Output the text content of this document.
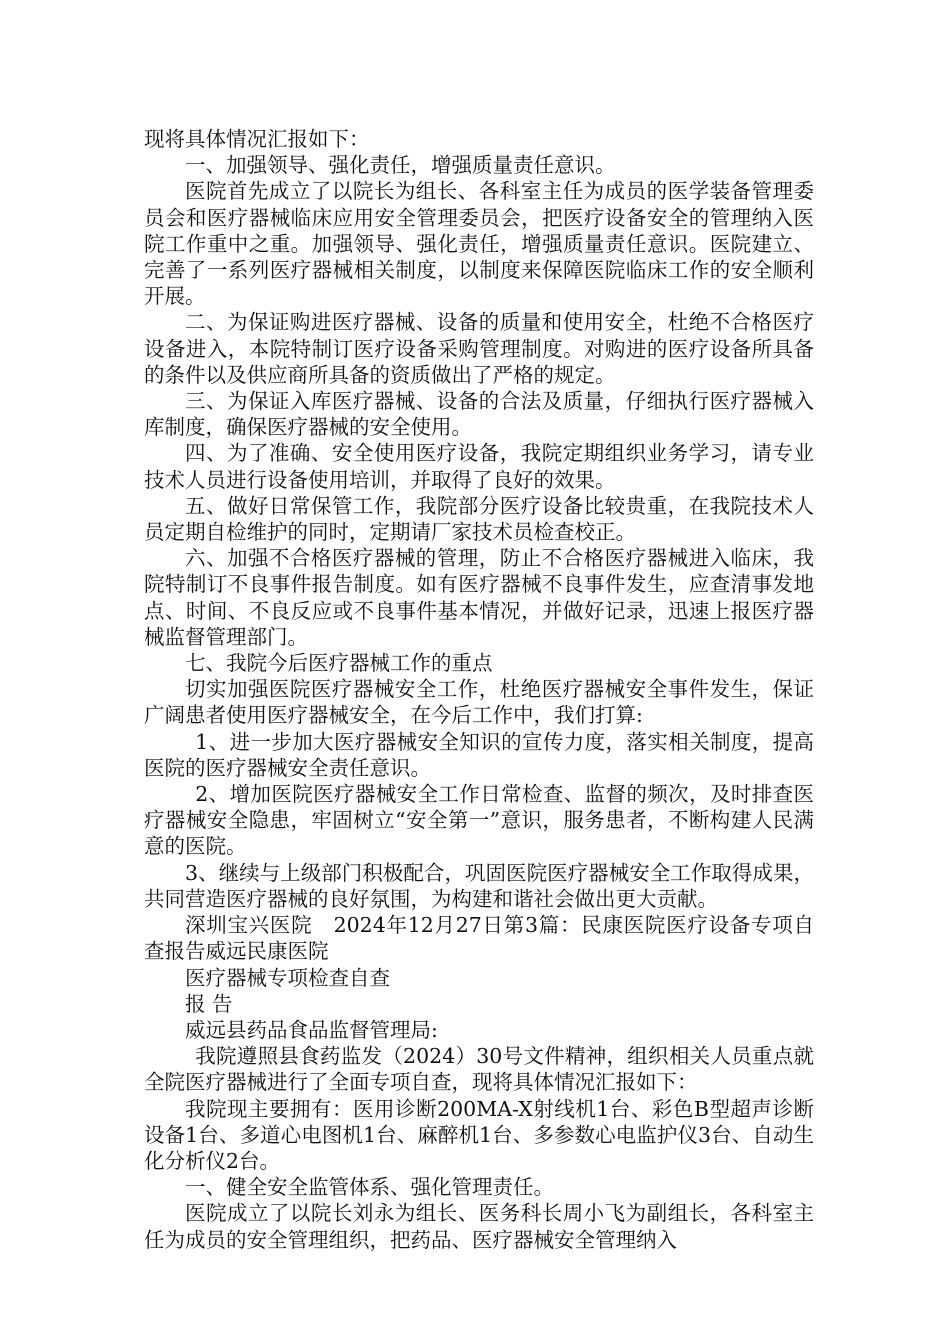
现将具体情况汇报如下：

一、加强领导、强化责任，增强质量责任意识。

医院首先成立了以院长为组长、各科室主任为成员的医学装备管理委员会和医疗器械临床应用安全管理委员会，把医疗设备安全的管理纳入医院工作重中之重。加强领导、强化责任，增强质量责任意识。医院建立、完善了一系列医疗器械相关制度，以制度来保障医院临床工作的安全顺利开展。

二、为保证购进医疗器械、设备的质量和使用安全，杜绝不合格医疗设备进入，本院特制订医疗设备采购管理制度。对购进的医疗设备所具备的条件以及供应商所具备的资质做出了严格的规定。

三、为保证入库医疗器械、设备的合法及质量，仔细执行医疗器械入库制度，确保医疗器械的安全使用。

四、为了准确、安全使用医疗设备，我院定期组织业务学习，请专业技术人员进行设备使用培训，并取得了良好的效果。

五、做好日常保管工作，我院部分医疗设备比较贵重，在我院技术人员定期自检维护的同时，定期请厂家技术员检查校正。

六、加强不合格医疗器械的管理，防止不合格医疗器械进入临床，我院特制订不良事件报告制度。如有医疗器械不良事件发生，应查清事发地点、时间、不良反应或不良事件基本情况，并做好记录，迅速上报医疗器械监督管理部门。

七、我院今后医疗器械工作的重点

切实加强医院医疗器械安全工作，杜绝医疗器械安全事件发生，保证广阔患者使用医疗器械安全，在今后工作中，我们打算:

1、进一步加大医疗器械安全知识的宣传力度，落实相关制度，提高医院的医疗器械安全责任意识。

2、增加医院医疗器械安全工作日常检查、监督的频次，及时排查医疗器械安全隐患，牢固树立“安全第一”意识，服务患者，不断构建人民满意的医院。

3、继续与上级部门积极配合，巩固医院医疗器械安全工作取得成果，共同营造医疗器械的良好氛围，为构建和谐社会做出更大贡献。

深圳宝兴医院　2024年12月27日第3篇：民康医院医疗设备专项自查报告威远民康医院

医疗器械专项检查自查

报 告

威远县药品食品监督管理局:

我院遵照县食药监发（2024）30号文件精神，组织相关人员重点就全院医疗器械进行了全面专项自查，现将具体情况汇报如下：

我院现主要拥有：医用诊断200MA-X射线机1台、彩色B型超声诊断设备1台、多道心电图机1台、麻醉机1台、多参数心电监护仪3台、自动生化分析仪2台。

一、健全安全监管体系、强化管理责任。

医院成立了以院长刘永为组长、医务科长周小飞为副组长，各科室主任为成员的安全管理组织，把药品、医疗器械安全管理纳入
